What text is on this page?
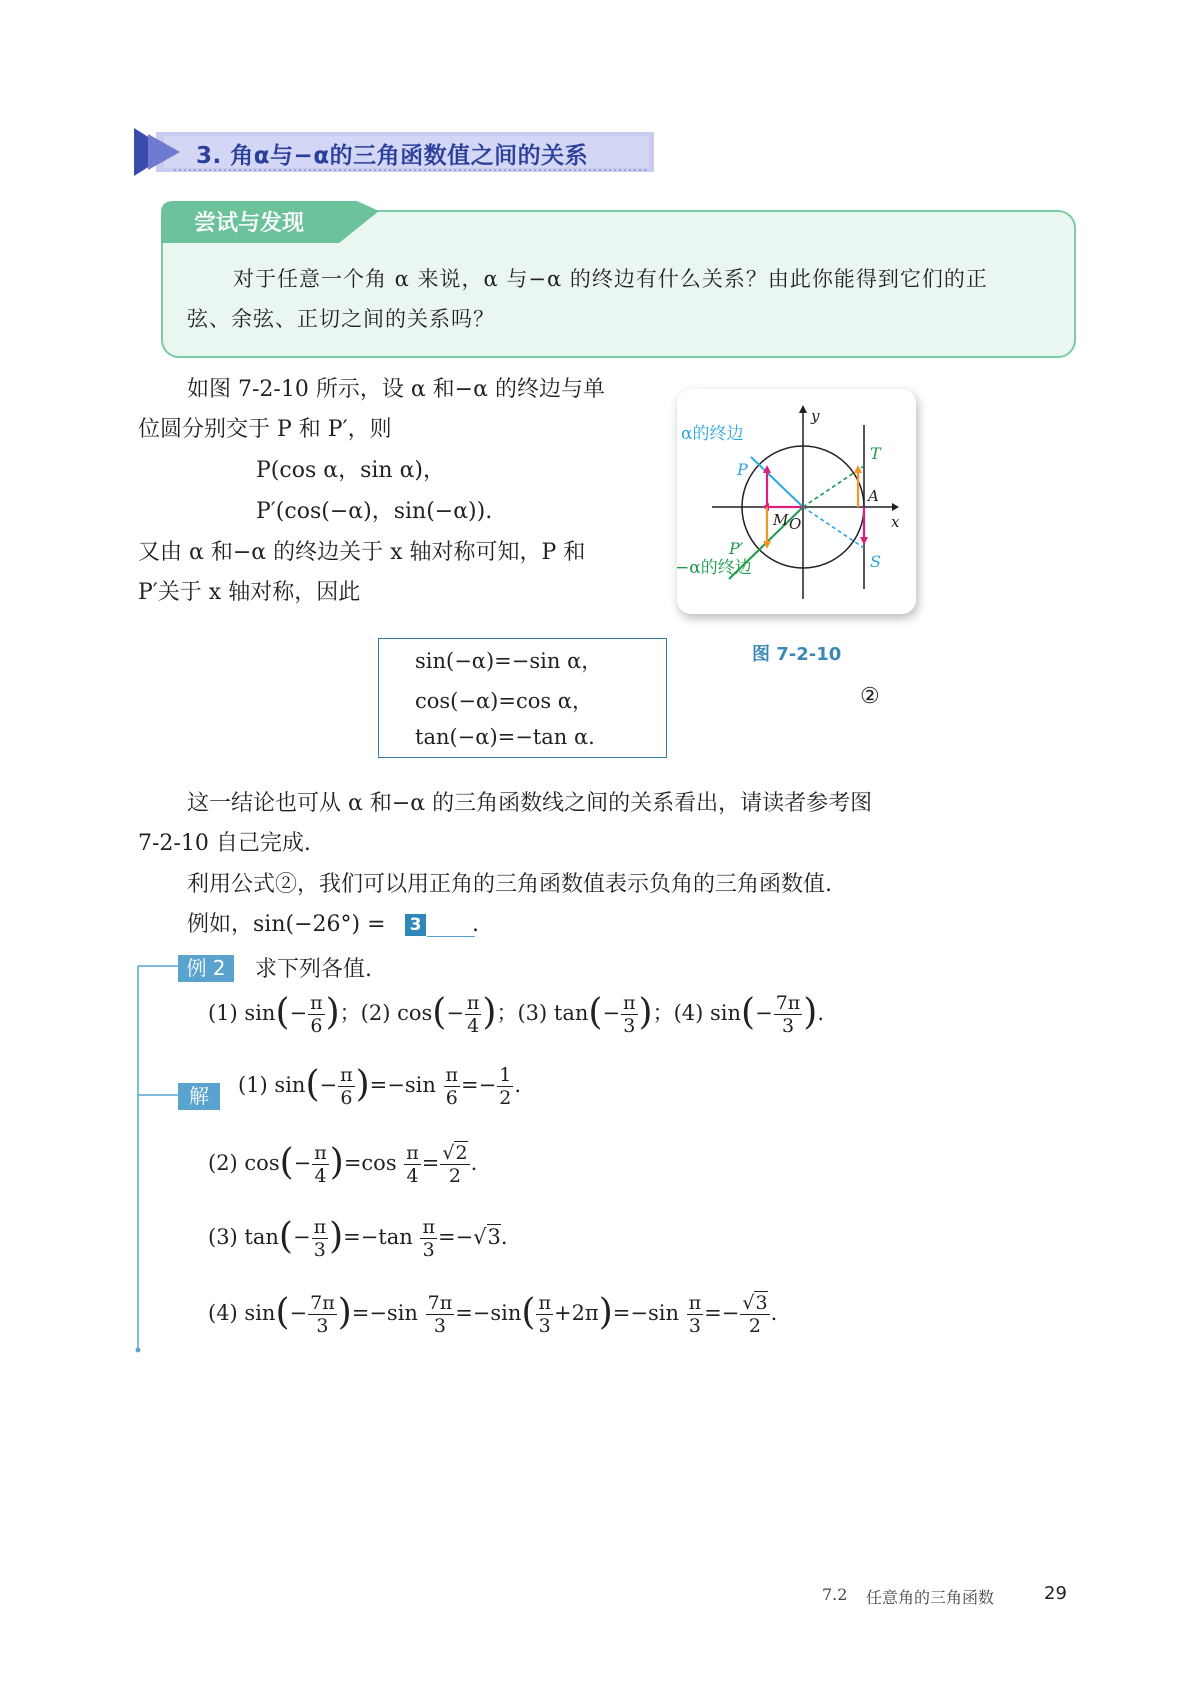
3. 角α与−α的三角函数值之间的关系
尝试与发现
对于任意一个角 α 来说，α 与−α 的终边有什么关系？由此你能得到它们的正
弦、余弦、正切之间的关系吗？
如图 7-2-10 所示，设 α 和−α 的终边与单
位圆分别交于 P 和 P′，则
P(cos α，sin α)，
P′(cos(−α)，sin(−α)).
又由 α 和−α 的终边关于 x 轴对称可知，P 和
P′关于 x 轴对称，因此
α的终边
−α的终边
y
x
P
P′
T
A
M O
S
图 7-2-10
sin(−α)=−sin α，
cos(−α)=cos α，
tan(−α)=−tan α.
②
这一结论也可从 α 和−α 的三角函数线之间的关系看出，请读者参考图
7-2-10 自己完成.
利用公式②，我们可以用正角的三角函数值表示负角的三角函数值.
例如，sin(−26°) = 3 .
例 2	求下列各值.
(1) $\sin(- \frac{\pi}{6}$ )；(2) $\cos(- \frac{\pi}{4}$ )；(3) $\tan(- \frac{\pi}{3}$ )；(4) $\sin(- \frac{7\pi}{3}$ ).
解	(1) $\sin(- \frac{\pi}{6} )=-\sin \frac{\pi}{6} =- \frac{1}{2}$ .
(2) $\cos(- \frac{\pi}{4} )=\cos \frac{\pi}{4} = \frac{√2}{2}$ .
(3) $\tan(- \frac{\pi}{3} )=-\tan \frac{\pi}{3} =-√3$.
(4) $\sin(- \frac{7\pi}{3} )=-\sin \frac{7\pi}{3} =-\sin( \frac{\pi}{3} +2\pi)=-\sin \frac{\pi}{3} =- \frac{√3}{2}$ .
7.2 任意角的三角函数	29
